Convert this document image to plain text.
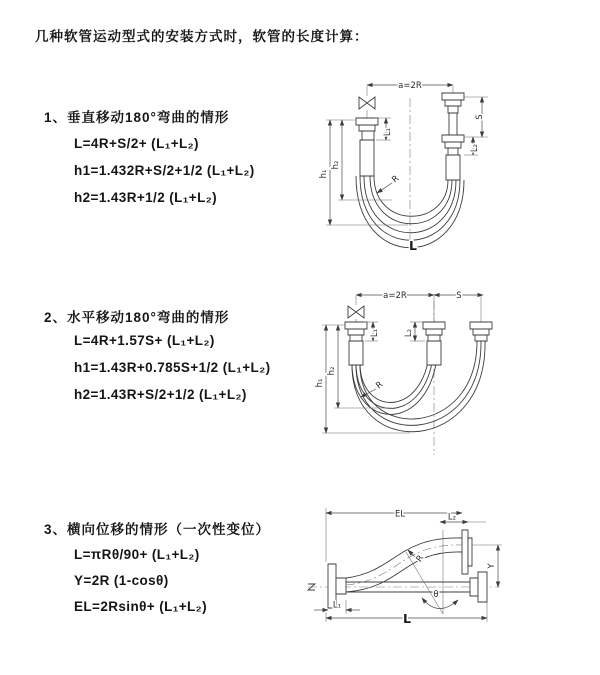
几种软管运动型式的安装方式时，软管的长度计算：
1、垂直移动180°弯曲的情形
L=4R+S/2+ (L₁+L₂)
h1=1.432R+S/2+1/2 (L₁+L₂)
h2=1.43R+1/2 (L₁+L₂)
2、水平移动180°弯曲的情形
L=4R+1.57S+ (L₁+L₂)
h1=1.43R+0.785S+1/2 (L₁+L₂)
h2=1.43R+S/2+1/2 (L₁+L₂)
3、横向位移的情形（一次性变位）
L=πRθ/90+ (L₁+L₂)
Y=2R (1-cosθ)
EL=2Rsinθ+ (L₁+L₂)
a=2R
L₁
S
L₂
h₁
h₂
R
L
a=2R	S
L₁	L₂
h₁
h₂
R
θ
R
EL	L₂
Y
L₁
L
